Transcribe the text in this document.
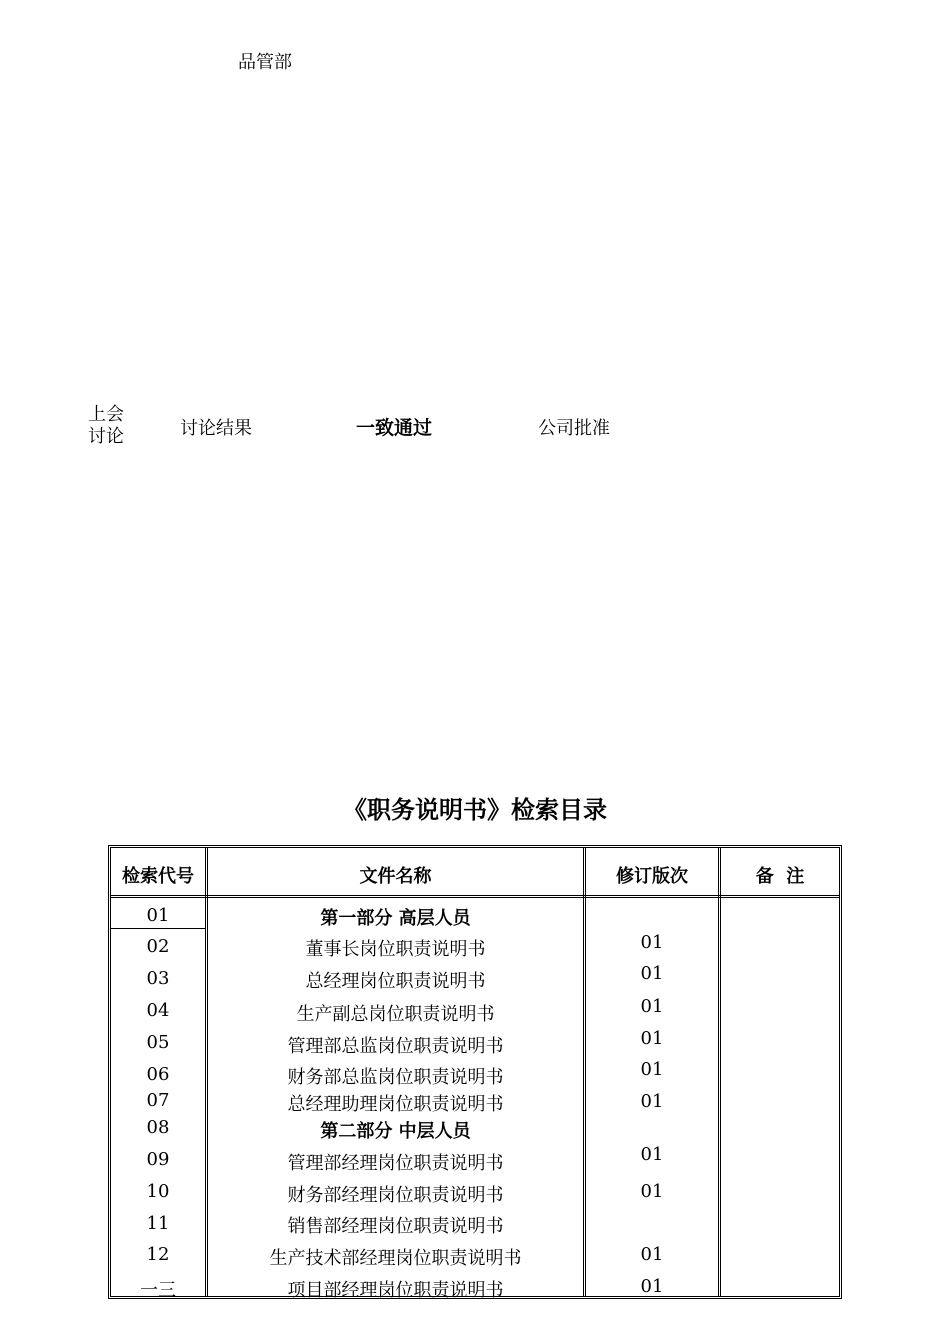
品管部
上会讨论	讨论结果	一致通过	公司批准
《职务说明书》检索目录
检索代号	文件名称	修订版次	备  注
01	第一部分 高层人员
02	董事长岗位职责说明书	01
03	总经理岗位职责说明书	01
04	生产副总岗位职责说明书	01
05	管理部总监岗位职责说明书	01
06	财务部总监岗位职责说明书	01
07	总经理助理岗位职责说明书	01
08	第二部分 中层人员
09	管理部经理岗位职责说明书	01
10	财务部经理岗位职责说明书	01
11	销售部经理岗位职责说明书
12	生产技术部经理岗位职责说明书	01
一三	项目部经理岗位职责说明书	01
